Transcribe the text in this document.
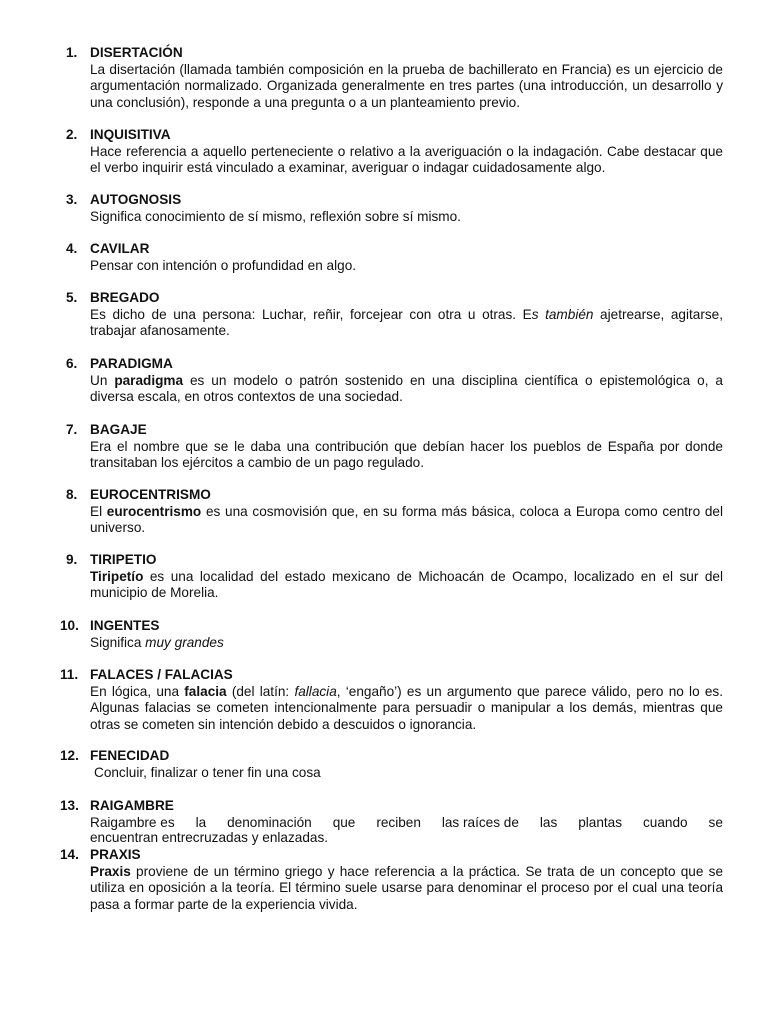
1. DISERTACIÓN
La disertación (llamada también composición en la prueba de bachillerato en Francia) es un ejercicio de argumentación normalizado. Organizada generalmente en tres partes (una introducción, un desarrollo y una conclusión), responde a una pregunta o a un planteamiento previo.
2. INQUISITIVA
Hace referencia a aquello perteneciente o relativo a la averiguación o la indagación. Cabe destacar que el verbo inquirir está vinculado a examinar, averiguar o indagar cuidadosamente algo.
3. AUTOGNOSIS
Significa conocimiento de sí mismo, reflexión sobre sí mismo.
4. CAVILAR
Pensar con intención o profundidad en algo.
5. BREGADO
Es dicho de una persona: Luchar, reñir, forcejear con otra u otras. Es también ajetrearse, agitarse, trabajar afanosamente.
6. PARADIGMA
Un paradigma es un modelo o patrón sostenido en una disciplina científica o epistemológica o, a diversa escala, en otros contextos de una sociedad.
7. BAGAJE
Era el nombre que se le daba una contribución que debían hacer los pueblos de España por donde transitaban los ejércitos a cambio de un pago regulado.
8. EUROCENTRISMO
El eurocentrismo es una cosmovisión que, en su forma más básica, coloca a Europa como centro del universo.
9. TIRIPETIO
Tiripetío es una localidad del estado mexicano de Michoacán de Ocampo, localizado en el sur del municipio de Morelia.
10. INGENTES
Significa muy grandes
11. FALACES / FALACIAS
En lógica, una falacia (del latín: fallacia, ‘engaño’) es un argumento que parece válido, pero no lo es. Algunas falacias se cometen intencionalmente para persuadir o manipular a los demás, mientras que otras se cometen sin intención debido a descuidos o ignorancia.
12. FENECIDAD
Concluir, finalizar o tener fin una cosa
13. RAIGAMBRE
Raigambre es la denominación que reciben las raíces de las plantas cuando se
encuentran entrecruzadas y enlazadas.
14. PRAXIS
Praxis proviene de un término griego y hace referencia a la práctica. Se trata de un concepto que se utiliza en oposición a la teoría. El término suele usarse para denominar el proceso por el cual una teoría pasa a formar parte de la experiencia vivida.
